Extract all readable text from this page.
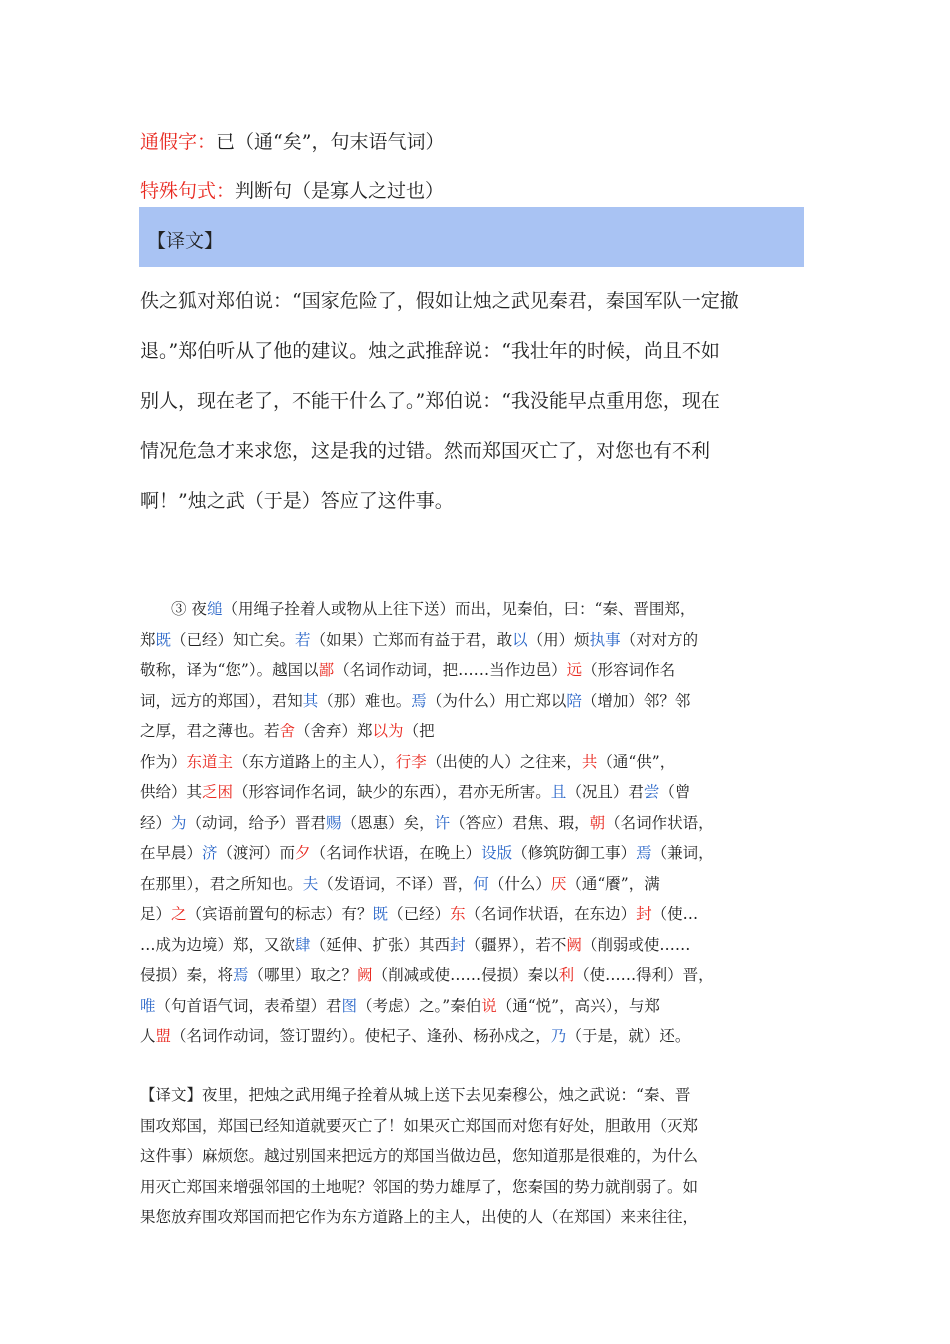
通假字：已（通“矣”，句末语气词）
特殊句式：判断句（是寡人之过也）
【译文】
佚之狐对郑伯说：“国家危险了，假如让烛之武见秦君，秦国军队一定撤
退。”郑伯听从了他的建议。烛之武推辞说：“我壮年的时候，尚且不如
别人，现在老了，不能干什么了。”郑伯说：“我没能早点重用您，现在
情况危急才来求您，这是我的过错。然而郑国灭亡了，对您也有不利
啊！”烛之武（于是）答应了这件事。
　　③ 夜缒（用绳子拴着人或物从上往下送）而出，见秦伯，曰：“秦、晋围郑，
郑既（已经）知亡矣。若（如果）亡郑而有益于君，敢以（用）烦执事（对对方的
敬称，译为“您”）。越国以鄙（名词作动词，把……当作边邑）远（形容词作名
词，远方的郑国），君知其（那）难也。焉（为什么）用亡郑以陪（增加）邻？邻
之厚，君之薄也。若舍（舍弃）郑以为（把
作为）东道主（东方道路上的主人），行李（出使的人）之往来，共（通“供”，
供给）其乏困（形容词作名词，缺少的东西），君亦无所害。且（况且）君尝（曾
经）为（动词，给予）晋君赐（恩惠）矣，许（答应）君焦、瑕，朝（名词作状语，
在早晨）济（渡河）而夕（名词作状语，在晚上）设版（修筑防御工事）焉（兼词，
在那里），君之所知也。夫（发语词，不译）晋，何（什么）厌（通“餍”，满
足）之（宾语前置句的标志）有？既（已经）东（名词作状语，在东边）封（使…
…成为边境）郑，又欲肆（延伸、扩张）其西封（疆界），若不阙（削弱或使……
侵损）秦，将焉（哪里）取之？阙（削减或使……侵损）秦以利（使……得利）晋，
唯（句首语气词，表希望）君图（考虑）之。”秦伯说（通“悦”，高兴），与郑
人盟（名词作动词，签订盟约）。使杞子、逢孙、杨孙戍之，乃（于是，就）还。
【译文】夜里，把烛之武用绳子拴着从城上送下去见秦穆公，烛之武说：“秦、晋
围攻郑国，郑国已经知道就要灭亡了！如果灭亡郑国而对您有好处，胆敢用（灭郑
这件事）麻烦您。越过别国来把远方的郑国当做边邑，您知道那是很难的，为什么
用灭亡郑国来增强邻国的土地呢？邻国的势力雄厚了，您秦国的势力就削弱了。如
果您放弃围攻郑国而把它作为东方道路上的主人，出使的人（在郑国）来来往往，
